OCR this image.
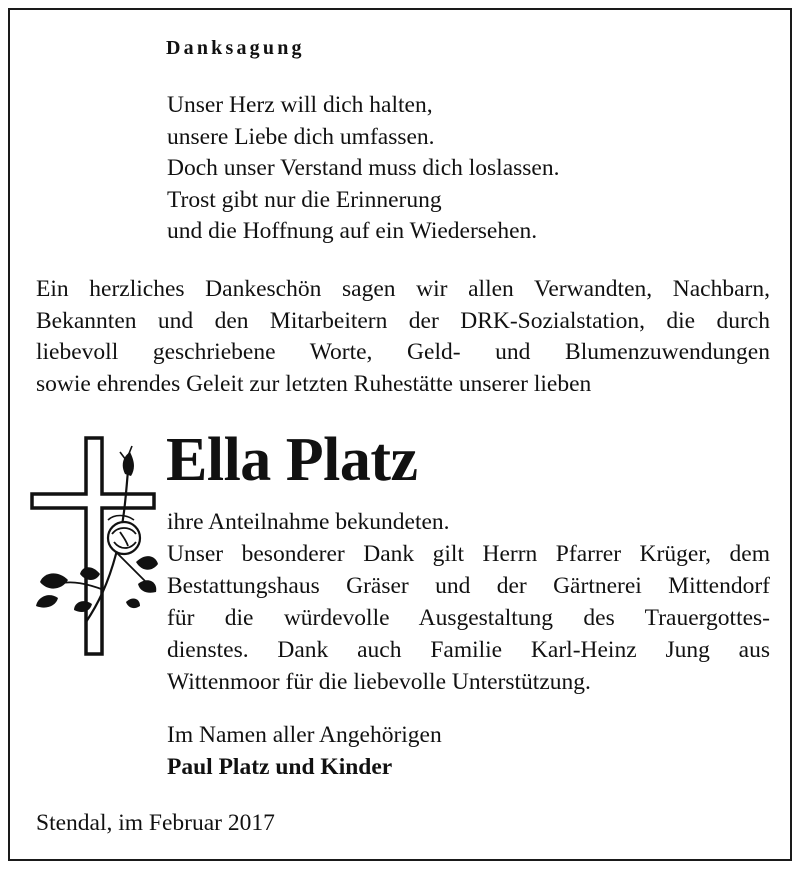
Danksagung
Unser Herz will dich halten,
unsere Liebe dich umfassen.
Doch unser Verstand muss dich loslassen.
Trost gibt nur die Erinnerung
und die Hoffnung auf ein Wiedersehen.
Ein herzliches Dankeschön sagen wir allen Verwandten, Nachbarn,
Bekannten und den Mitarbeitern der DRK-Sozialstation, die durch
liebevoll geschriebene Worte, Geld- und Blumenzuwendungen
sowie ehrendes Geleit zur letzten Ruhestätte unserer lieben
Ella Platz
ihre Anteilnahme bekundeten.
Unser besonderer Dank gilt Herrn Pfarrer Krüger, dem
Bestattungshaus Gräser und der Gärtnerei Mittendorf
für die würdevolle Ausgestaltung des Trauergottes-
dienstes. Dank auch Familie Karl-Heinz Jung aus
Wittenmoor für die liebevolle Unterstützung.
Im Namen aller Angehörigen
Paul Platz und Kinder
Stendal, im Februar 2017
